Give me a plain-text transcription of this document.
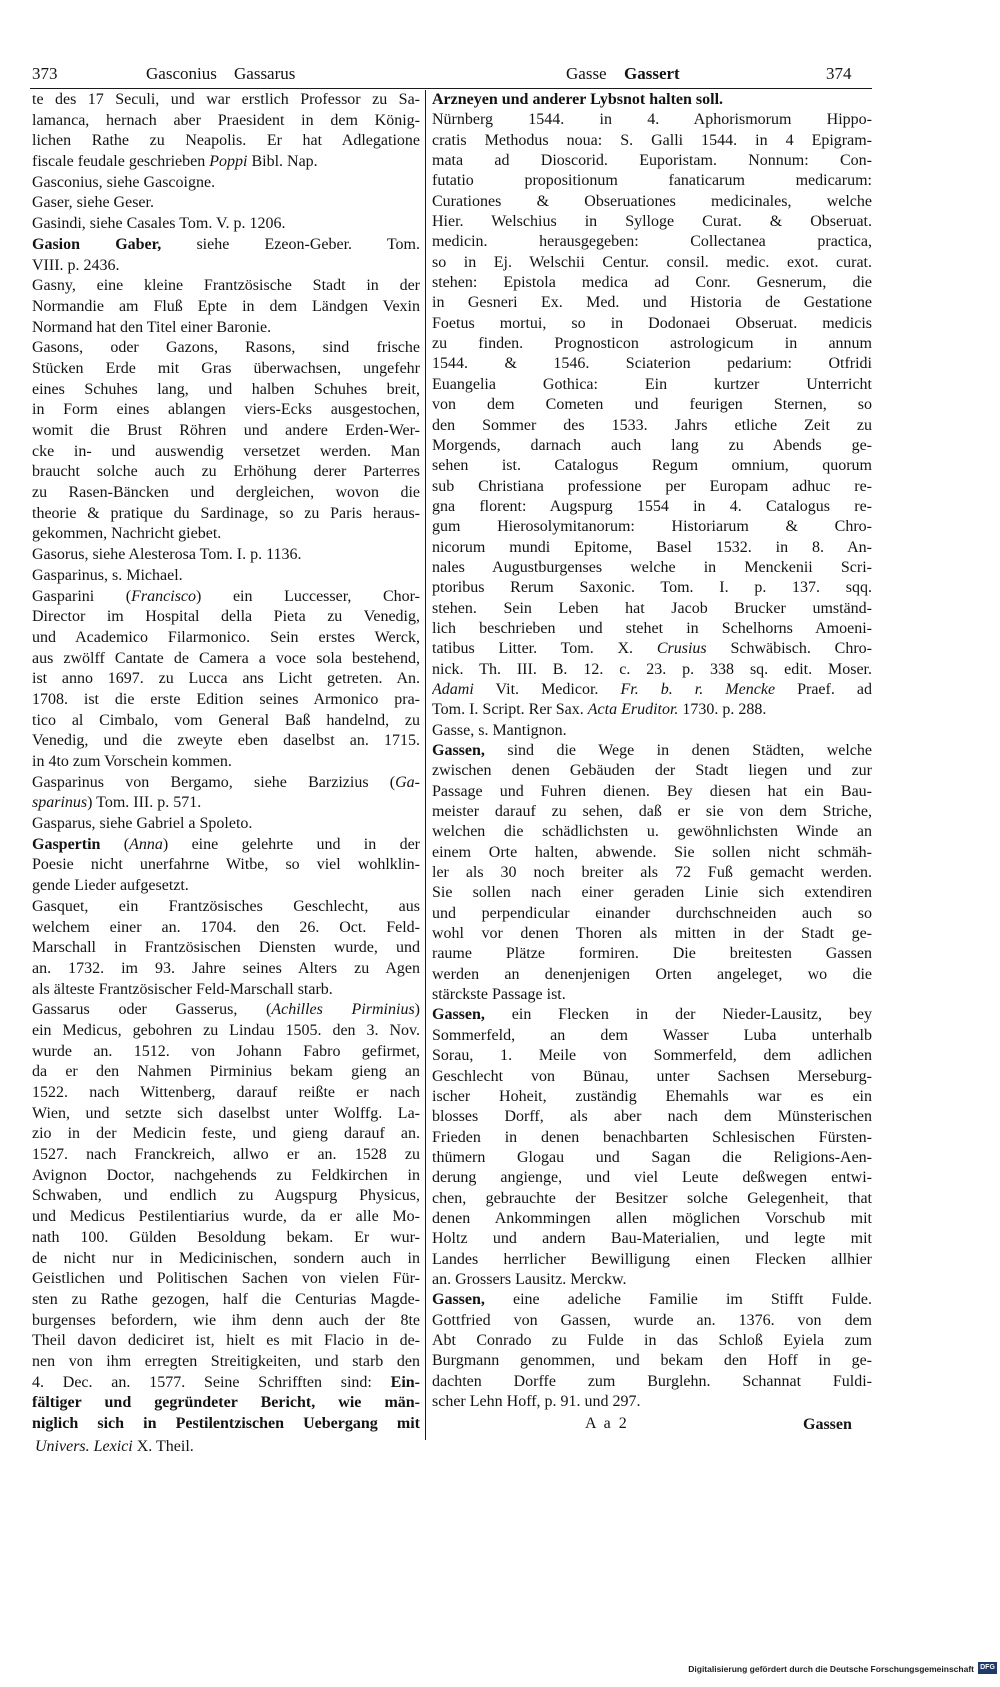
373	Gasconius Gassarus	Gasse Gassert	374
te des 17 Seculi, und war erstlich Professor zu Sa-
lamanca, hernach aber Praesident in dem König-
lichen Rathe zu Neapolis. Er hat Adlegatione
fiscale feudale geschrieben Poppi Bibl. Nap.
Gasconius, siehe Gascoigne.
Gaser, siehe Geser.
Gasindi, siehe Casales Tom. V. p. 1206.
Gasion Gaber, siehe Ezeon-Geber. Tom.
VIII. p. 2436.
Gasny, eine kleine Frantzösische Stadt in der
Normandie am Fluß Epte in dem Ländgen Vexin
Normand hat den Titel einer Baronie.
Gasons, oder Gazons, Rasons, sind frische
Stücken Erde mit Gras überwachsen, ungefehr
eines Schuhes lang, und halben Schuhes breit,
in Form eines ablangen viers-Ecks ausgestochen,
womit die Brust Röhren und andere Erden-Wer-
cke in- und auswendig versetzet werden. Man
braucht solche auch zu Erhöhung derer Parterres
zu Rasen-Bäncken und dergleichen, wovon die
theorie & pratique du Sardinage, so zu Paris heraus-
gekommen, Nachricht giebet.
Gasorus, siehe Alesterosa Tom. I. p. 1136.
Gasparinus, s. Michael.
Gasparini (Francisco) ein Luccesser, Chor-
Director im Hospital della Pieta zu Venedig,
und Academico Filarmonico. Sein erstes Werck,
aus zwölff Cantate de Camera a voce sola bestehend,
ist anno 1697. zu Lucca ans Licht getreten. An.
1708. ist die erste Edition seines Armonico pra-
tico al Cimbalo, vom General Baß handelnd, zu
Venedig, und die zweyte eben daselbst an. 1715.
in 4to zum Vorschein kommen.
Gasparinus von Bergamo, siehe Barzizius (Ga-
sparinus) Tom. III. p. 571.
Gasparus, siehe Gabriel a Spoleto.
Gaspertin (Anna) eine gelehrte und in der
Poesie nicht unerfahrne Witbe, so viel wohlklin-
gende Lieder aufgesetzt.
Gasquet, ein Frantzösisches Geschlecht, aus
welchem einer an. 1704. den 26. Oct. Feld-
Marschall in Frantzösischen Diensten wurde, und
an. 1732. im 93. Jahre seines Alters zu Agen
als älteste Frantzösischer Feld-Marschall starb.
Gassarus oder Gasserus, (Achilles Pirminius)
ein Medicus, gebohren zu Lindau 1505. den 3. Nov.
wurde an. 1512. von Johann Fabro gefirmet,
da er den Nahmen Pirminius bekam gieng an
1522. nach Wittenberg, darauf reißte er nach
Wien, und setzte sich daselbst unter Wolffg. La-
zio in der Medicin feste, und gieng darauf an.
1527. nach Franckreich, allwo er an. 1528 zu
Avignon Doctor, nachgehends zu Feldkirchen in
Schwaben, und endlich zu Augspurg Physicus,
und Medicus Pestilentiarius wurde, da er alle Mo-
nath 100. Gülden Besoldung bekam. Er wur-
de nicht nur in Medicinischen, sondern auch in
Geistlichen und Politischen Sachen von vielen Für-
sten zu Rathe gezogen, half die Centurias Magde-
burgenses befordern, wie ihm denn auch der 8te
Theil davon dediciret ist, hielt es mit Flacio in de-
nen von ihm erregten Streitigkeiten, und starb den
4. Dec. an. 1577. Seine Schrifften sind: Ein-
fältiger und gegründeter Bericht, wie män-
niglich sich in Pestilentzischen Uebergang mit
Arzneyen und anderer Lybsnot halten soll.
Nürnberg 1544. in 4. Aphorismorum Hippo-
cratis Methodus noua: S. Galli 1544. in 4 Epigram-
mata ad Dioscorid. Euporistam. Nonnum: Con-
futatio propositionum fanaticarum medicarum:
Curationes & Obseruationes medicinales, welche
Hier. Welschius in Sylloge Curat. & Obseruat.
medicin. herausgegeben: Collectanea practica,
so in Ej. Welschii Centur. consil. medic. exot. curat.
stehen: Epistola medica ad Conr. Gesnerum, die
in Gesneri Ex. Med. und Historia de Gestatione
Foetus mortui, so in Dodonaei Obseruat. medicis
zu finden. Prognosticon astrologicum in annum
1544. & 1546. Sciaterion pedarium: Otfridi
Euangelia Gothica: Ein kurtzer Unterricht
von dem Cometen und feurigen Sternen, so
den Sommer des 1533. Jahrs etliche Zeit zu
Morgends, darnach auch lang zu Abends ge-
sehen ist. Catalogus Regum omnium, quorum
sub Christiana professione per Europam adhuc re-
gna florent: Augspurg 1554 in 4. Catalogus re-
gum Hierosolymitanorum: Historiarum & Chro-
nicorum mundi Epitome, Basel 1532. in 8. An-
nales Augustburgenses welche in Menckenii Scri-
ptoribus Rerum Saxonic. Tom. I. p. 137. sqq.
stehen. Sein Leben hat Jacob Brucker umständ-
lich beschrieben und stehet in Schelhorns Amoeni-
tatibus Litter. Tom. X. Crusius Schwäbisch. Chro-
nick. Th. III. B. 12. c. 23. p. 338 sq. edit. Moser.
Adami Vit. Medicor. Fr. b. r. Mencke Praef. ad
Tom. I. Script. Rer Sax. Acta Eruditor. 1730. p. 288.
Gasse, s. Mantignon.
Gassen, sind die Wege in denen Städten, welche
zwischen denen Gebäuden der Stadt liegen und zur
Passage und Fuhren dienen. Bey diesen hat ein Bau-
meister darauf zu sehen, daß er sie von dem Striche,
welchen die schädlichsten u. gewöhnlichsten Winde an
einem Orte halten, abwende. Sie sollen nicht schmäh-
ler als 30 noch breiter als 72 Fuß gemacht werden.
Sie sollen nach einer geraden Linie sich extendiren
und perpendicular einander durchschneiden auch so
wohl vor denen Thoren als mitten in der Stadt ge-
raume Plätze formiren. Die breitesten Gassen
werden an denenjenigen Orten angeleget, wo die
stärckste Passage ist.
Gassen, ein Flecken in der Nieder-Lausitz, bey
Sommerfeld, an dem Wasser Luba unterhalb
Sorau, 1. Meile von Sommerfeld, dem adlichen
Geschlecht von Bünau, unter Sachsen Merseburg-
ischer Hoheit, zuständig Ehemahls war es ein
blosses Dorff, als aber nach dem Münsterischen
Frieden in denen benachbarten Schlesischen Fürsten-
thümern Glogau und Sagan die Religions-Aen-
derung angienge, und viel Leute deßwegen entwi-
chen, gebrauchte der Besitzer solche Gelegenheit, that
denen Ankommingen allen möglichen Vorschub mit
Holtz und andern Bau-Materialien, und legte mit
Landes herrlicher Bewilligung einen Flecken allhier
an. Grossers Lausitz. Merckw.
Gassen, eine adeliche Familie im Stifft Fulde.
Gottfried von Gassen, wurde an. 1376. von dem
Abt Conrado zu Fulde in das Schloß Eyiela zum
Burgmann genommen, und bekam den Hoff in ge-
dachten Dorffe zum Burglehn. Schannat Fuldi-
scher Lehn Hoff, p. 91. und 297.
Univers. Lexici X. Theil.
A a 2	Gassen
Digitalisierung gefördert durch die Deutsche Forschungsgemeinschaft DFG
